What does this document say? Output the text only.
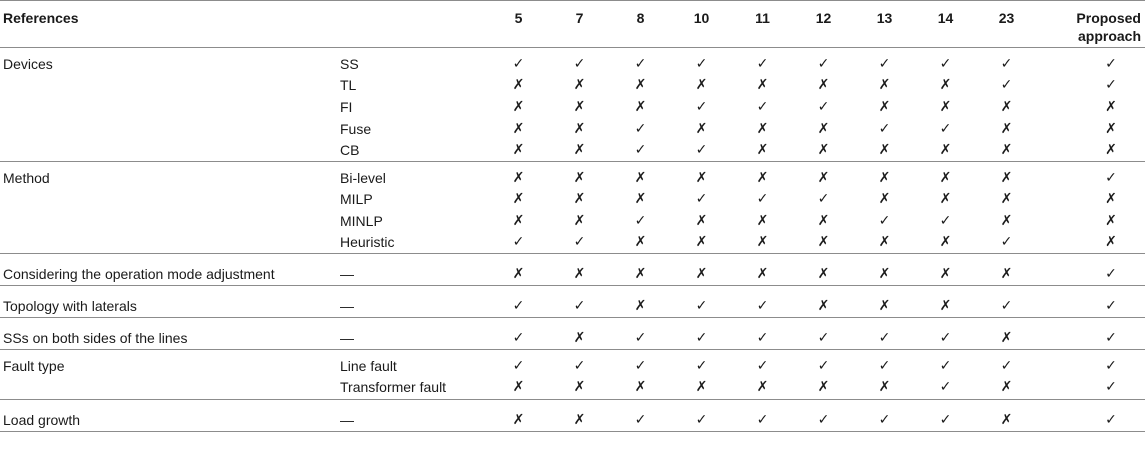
References		5	7	8	10	11	12	13	14	23	Proposed
approach
Devices	SS	✓	✓	✓	✓	✓	✓	✓	✓	✓	✓
	TL	✗	✗	✗	✗	✗	✗	✗	✗	✓	✓
	FI	✗	✗	✗	✓	✓	✓	✗	✗	✗	✗
	Fuse	✗	✗	✓	✗	✗	✗	✓	✓	✗	✗
	CB	✗	✗	✓	✓	✗	✗	✗	✗	✗	✗
Method	Bi-level	✗	✗	✗	✗	✗	✗	✗	✗	✗	✓
	MILP	✗	✗	✗	✓	✓	✓	✗	✗	✗	✗
	MINLP	✗	✗	✓	✗	✗	✗	✓	✓	✗	✗
	Heuristic	✓	✓	✗	✗	✗	✗	✗	✗	✓	✗
Considering the operation mode adjustment	—	✗	✗	✗	✗	✗	✗	✗	✗	✗	✓
Topology with laterals	—	✓	✓	✗	✓	✓	✗	✗	✗	✓	✓
SSs on both sides of the lines	—	✓	✗	✓	✓	✓	✓	✓	✓	✗	✓
Fault type	Line fault	✓	✓	✓	✓	✓	✓	✓	✓	✓	✓
	Transformer fault	✗	✗	✗	✗	✗	✗	✗	✓	✗	✓
Load growth	—	✗	✗	✓	✓	✓	✓	✓	✓	✗	✓
